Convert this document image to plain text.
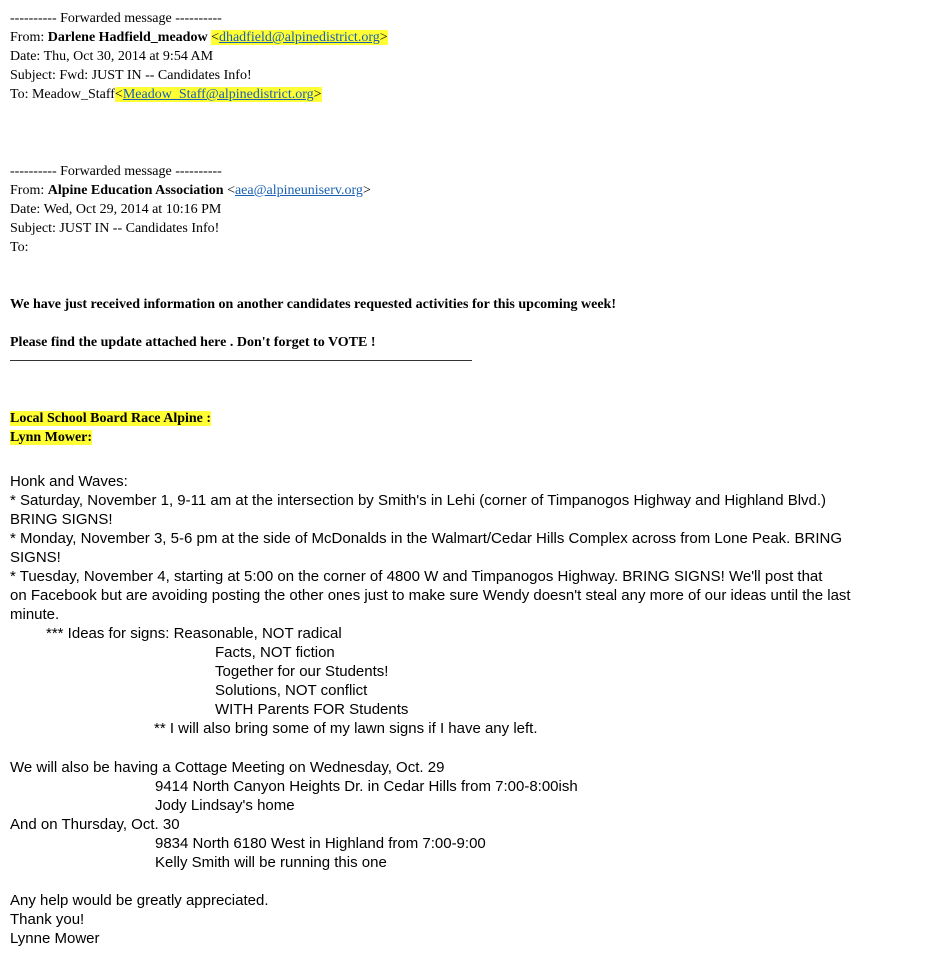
---------- Forwarded message ----------
From: Darlene Hadfield_meadow <dhadfield@alpinedistrict.org>
Date: Thu, Oct 30, 2014 at 9:54 AM
Subject: Fwd: JUST IN -- Candidates Info!
To: Meadow_Staff<Meadow_Staff@alpinedistrict.org>
---------- Forwarded message ----------
From: Alpine Education Association <aea@alpineuniserv.org>
Date: Wed, Oct 29, 2014 at 10:16 PM
Subject: JUST IN -- Candidates Info!
To:
We have just received information on another candidates requested activities for this upcoming week!
Please find the update attached here . Don't forget to VOTE !
Local School Board Race Alpine :
Lynn Mower:
Honk and Waves:
* Saturday, November 1, 9-11 am at the intersection by Smith's in Lehi (corner of Timpanogos Highway and Highland Blvd.)
BRING SIGNS!
* Monday, November 3, 5-6 pm at the side of McDonalds in the Walmart/Cedar Hills Complex across from Lone Peak. BRING
SIGNS!
* Tuesday, November 4, starting at 5:00 on the corner of 4800 W and Timpanogos Highway. BRING SIGNS! We'll post that
on Facebook but are avoiding posting the other ones just to make sure Wendy doesn't steal any more of our ideas until the last
minute.
*** Ideas for signs: Reasonable, NOT radical
Facts, NOT fiction
Together for our Students!
Solutions, NOT conflict
WITH Parents FOR Students
** I will also bring some of my lawn signs if I have any left.
We will also be having a Cottage Meeting on Wednesday, Oct. 29
9414 North Canyon Heights Dr. in Cedar Hills from 7:00-8:00ish
Jody Lindsay's home
And on Thursday, Oct. 30
9834 North 6180 West in Highland from 7:00-9:00
Kelly Smith will be running this one
Any help would be greatly appreciated.
Thank you!
Lynne Mower
